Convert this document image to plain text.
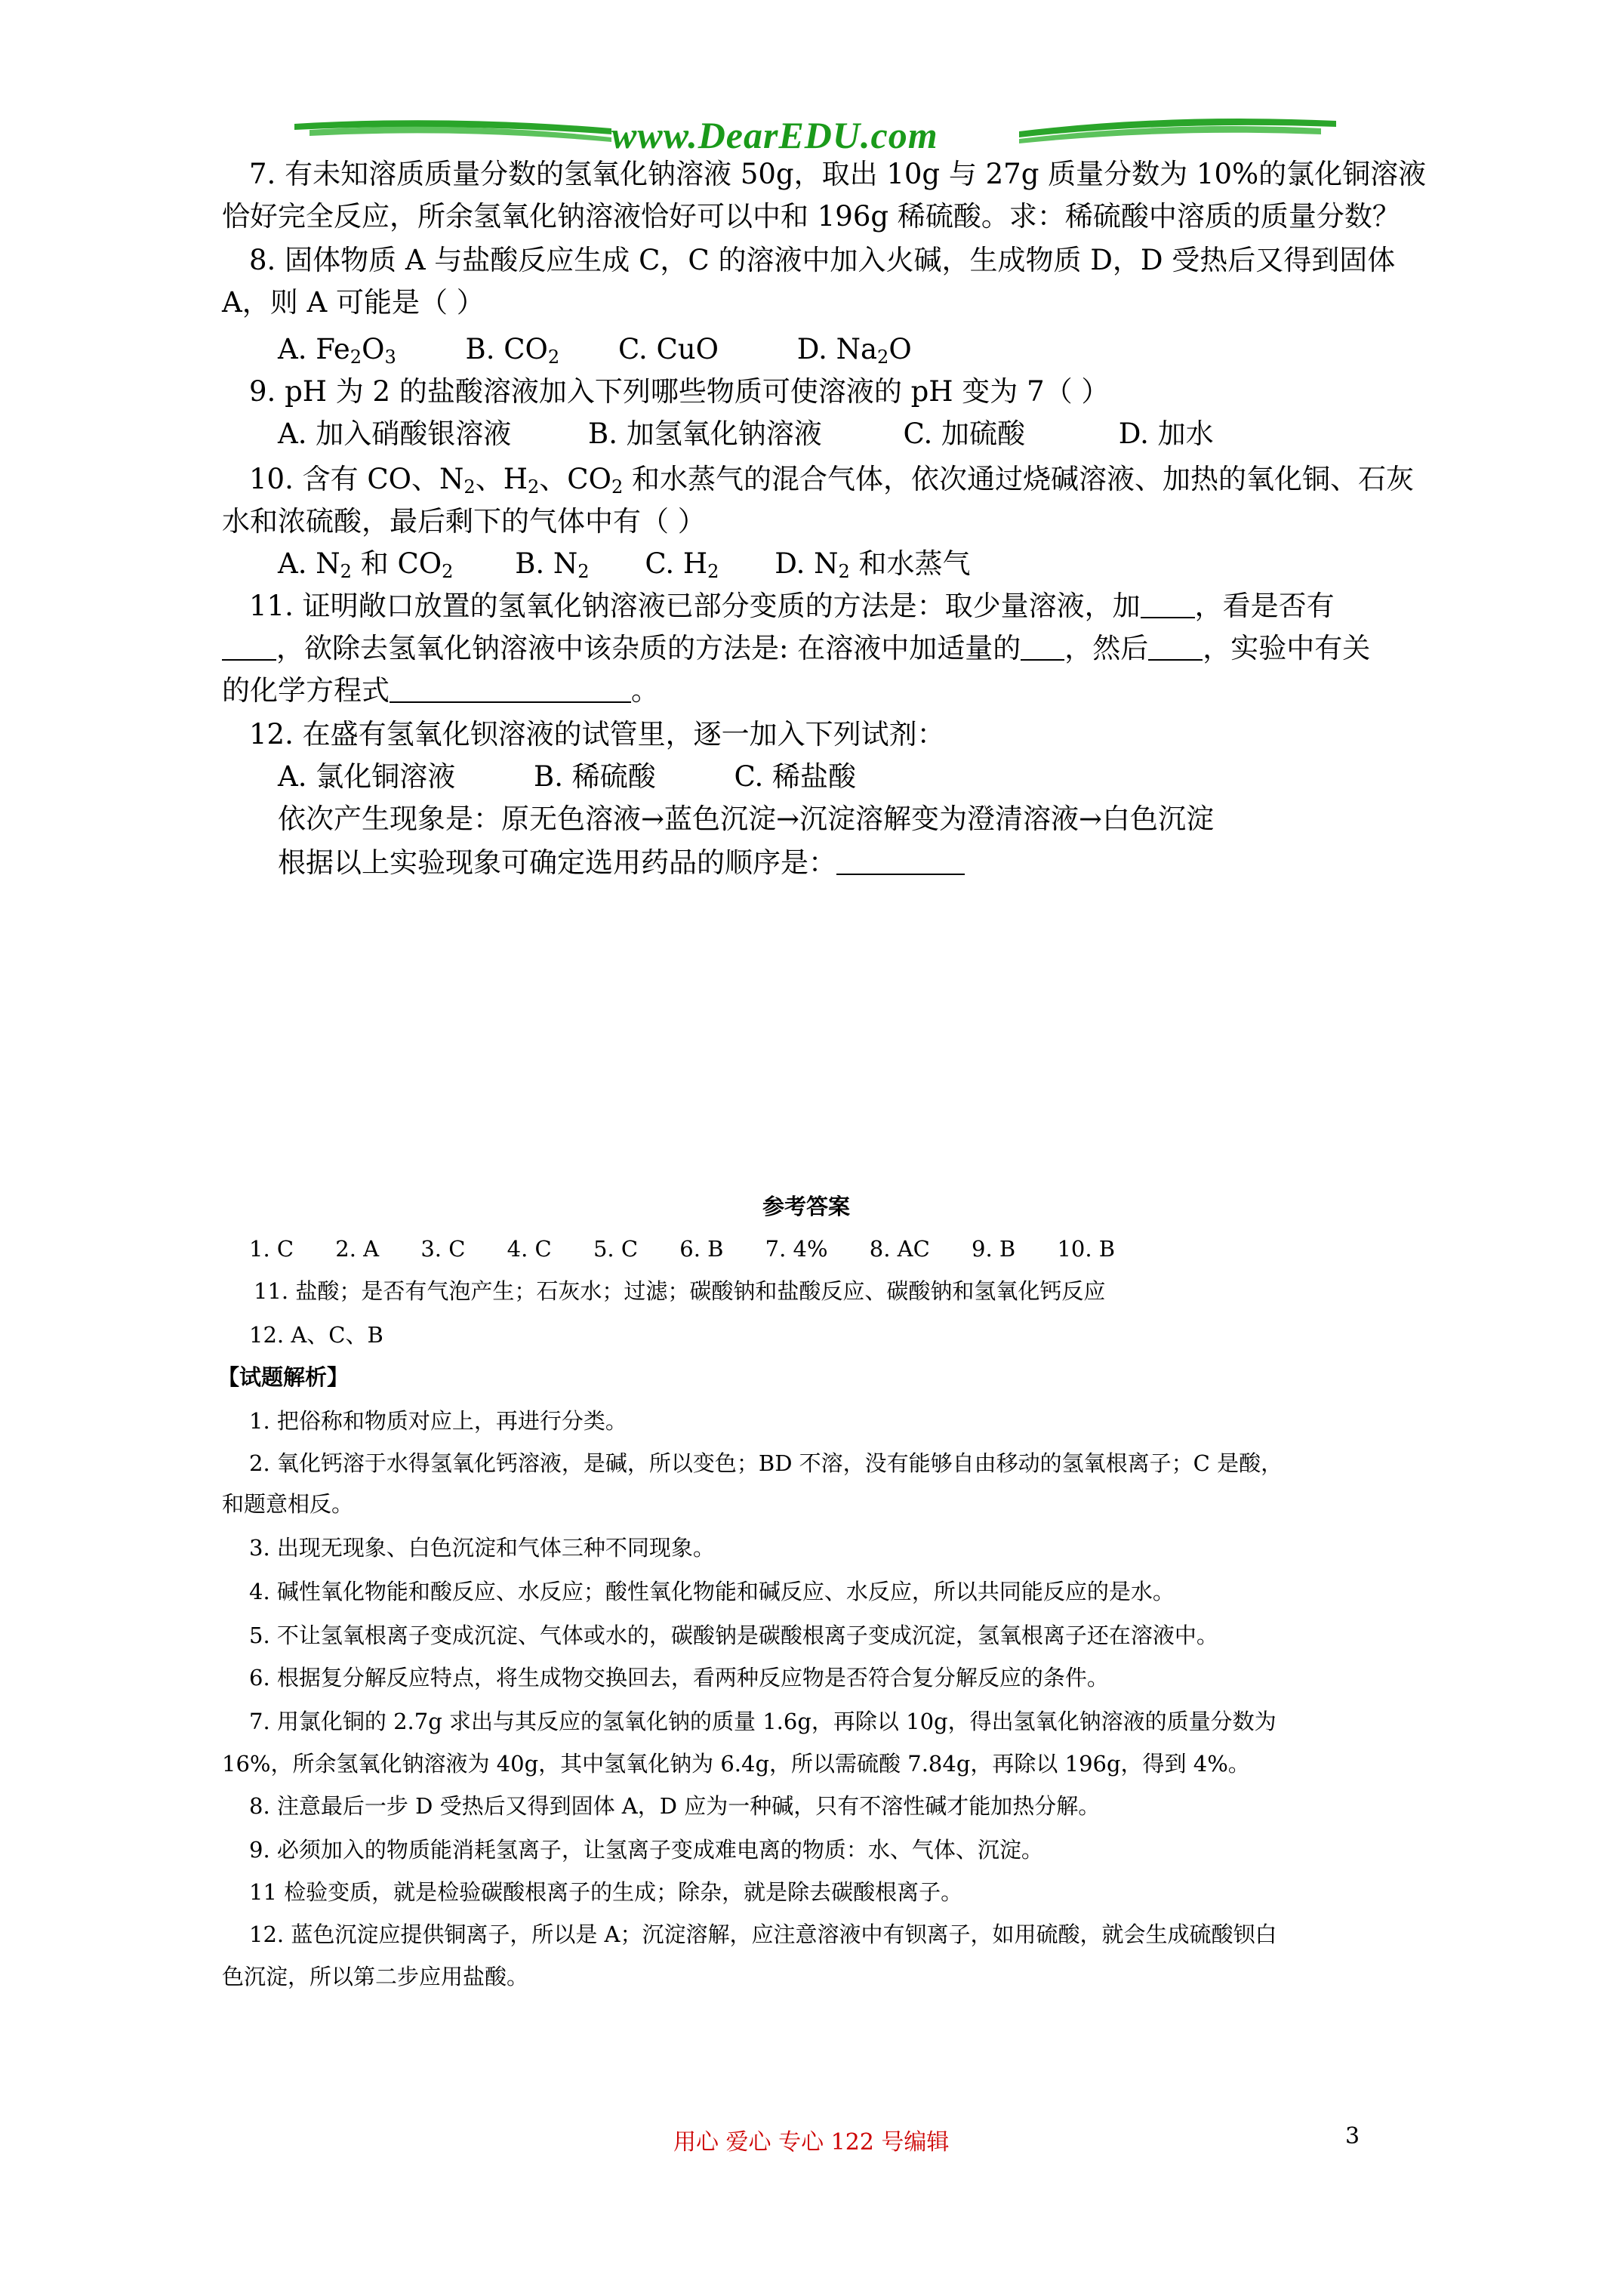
www.DearEDU.com
7. 有未知溶质质量分数的氢氧化钠溶液 50g，取出 10g 与 27g 质量分数为 10%的氯化铜溶液
恰好完全反应，所余氢氧化钠溶液恰好可以中和 196g 稀硫酸。求：稀硫酸中溶质的质量分数？
8. 固体物质 A 与盐酸反应生成 C，C 的溶液中加入火碱，生成物质 D，D 受热后又得到固体
A，则 A 可能是（ ）
A. $Fe_2O_3$ B. $CO_2$ C. CuO	D. $Na_2O$
9. pH 为 2 的盐酸溶液加入下列哪些物质可使溶液的 pH 变为 7（ ）
A. 加入硝酸银溶液	B. 加氢氧化钠溶液	C. 加硫酸	D. 加水
10. 含有 CO、$N_2$、$H_2$、$CO_2$ 和水蒸气的混合气体，依次通过烧碱溶液、加热的氧化铜、石灰
水和浓硫酸，最后剩下的气体中有（ ）
A. $N_2$ 和 $CO_2$ B. $N_2$ C. $H_2$ D. $N_2$ 和水蒸气
11. 证明敞口放置的氢氧化钠溶液已部分变质的方法是：取少量溶液，加 ，看是否有
，欲除去氢氧化钠溶液中该杂质的方法是: 在溶液中加适量的 ，然后 ，实验中有关
的化学方程式	。
12. 在盛有氢氧化钡溶液的试管里，逐一加入下列试剂：
A. 氯化铜溶液	B. 稀硫酸	C. 稀盐酸
依次产生现象是：原无色溶液→蓝色沉淀→沉淀溶解变为澄清溶液→白色沉淀
根据以上实验现象可确定选用药品的顺序是：
参考答案
1. C 2. A 3. C 4. C 5. C 6. B 7. 4% 8. AC 9. B 10. B
11. 盐酸；是否有气泡产生；石灰水；过滤；碳酸钠和盐酸反应、碳酸钠和氢氧化钙反应
12. A、C、B
【试题解析】
1. 把俗称和物质对应上，再进行分类。
2. 氧化钙溶于水得氢氧化钙溶液，是碱，所以变色；BD 不溶，没有能够自由移动的氢氧根离子；C 是酸，
和题意相反。
3. 出现无现象、白色沉淀和气体三种不同现象。
4. 碱性氧化物能和酸反应、水反应；酸性氧化物能和碱反应、水反应，所以共同能反应的是水。
5. 不让氢氧根离子变成沉淀、气体或水的，碳酸钠是碳酸根离子变成沉淀，氢氧根离子还在溶液中。
6. 根据复分解反应特点，将生成物交换回去，看两种反应物是否符合复分解反应的条件。
7. 用氯化铜的 2.7g 求出与其反应的氢氧化钠的质量 1.6g，再除以 10g，得出氢氧化钠溶液的质量分数为
16%，所余氢氧化钠溶液为 40g，其中氢氧化钠为 6.4g，所以需硫酸 7.84g，再除以 196g，得到 4%。
8. 注意最后一步 D 受热后又得到固体 A，D 应为一种碱，只有不溶性碱才能加热分解。
9. 必须加入的物质能消耗氢离子，让氢离子变成难电离的物质：水、气体、沉淀。
11 检验变质，就是检验碳酸根离子的生成；除杂，就是除去碳酸根离子。
12. 蓝色沉淀应提供铜离子，所以是 A；沉淀溶解，应注意溶液中有钡离子，如用硫酸，就会生成硫酸钡白
色沉淀，所以第二步应用盐酸。
用心 爱心 专心 122 号编辑	3
